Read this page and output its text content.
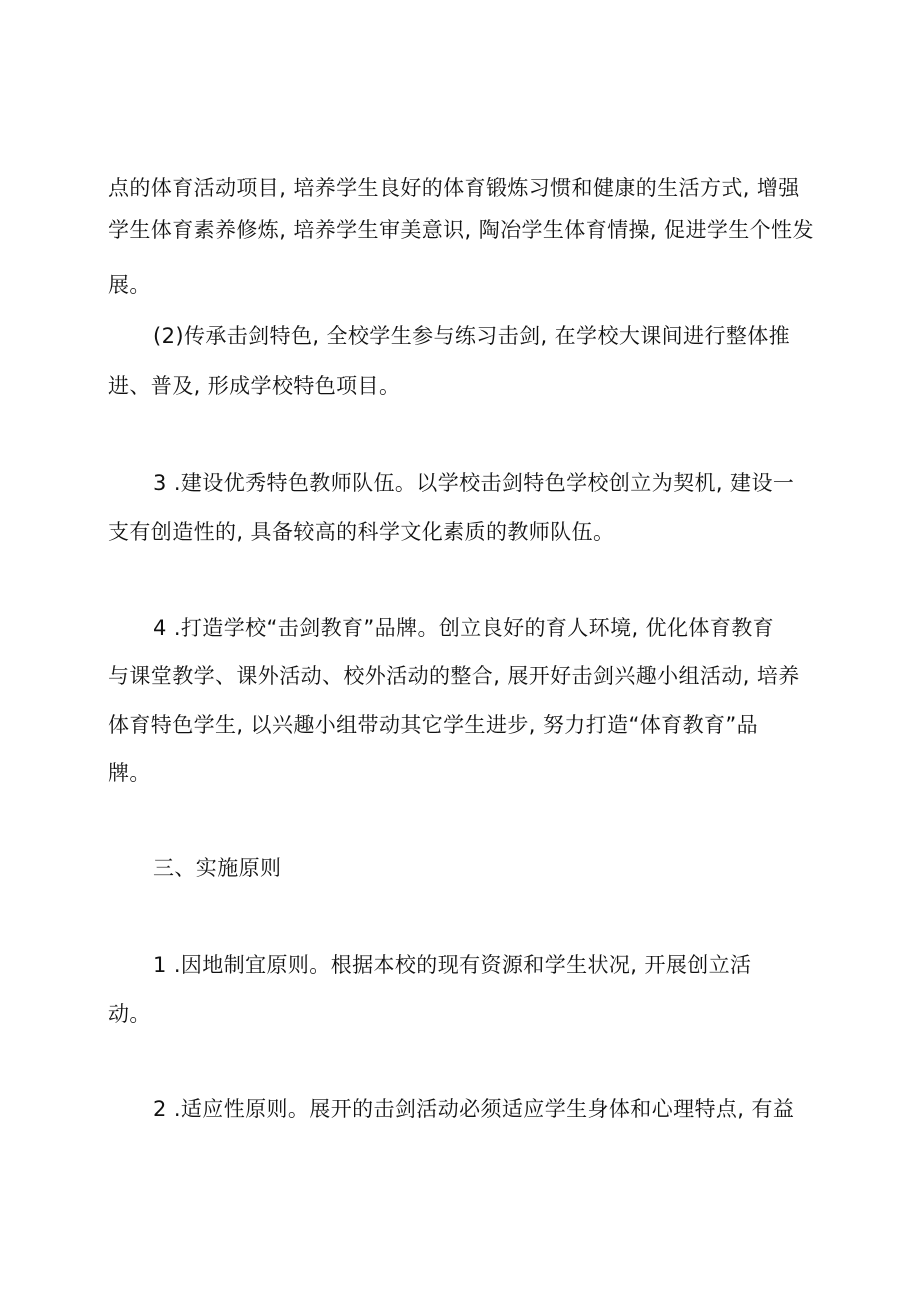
点的体育活动项目, 培养学生良好的体育锻炼习惯和健康的生活方式, 增强
学生体育素养修炼, 培养学生审美意识, 陶冶学生体育情操, 促进学生个性发
展。
(2)传承击剑特色, 全校学生参与练习击剑, 在学校大课间进行整体推
进、普及, 形成学校特色项目。
3 .建设优秀特色教师队伍。以学校击剑特色学校创立为契机, 建设一
支有创造性的, 具备较高的科学文化素质的教师队伍。
4 .打造学校“击剑教育”品牌。创立良好的育人环境, 优化体育教育
与课堂教学、课外活动、校外活动的整合, 展开好击剑兴趣小组活动, 培养
体育特色学生, 以兴趣小组带动其它学生进步, 努力打造“体育教育”品
牌。
三、实施原则
1 .因地制宜原则。根据本校的现有资源和学生状况, 开展创立活
动。
2 .适应性原则。展开的击剑活动必须适应学生身体和心理特点, 有益
